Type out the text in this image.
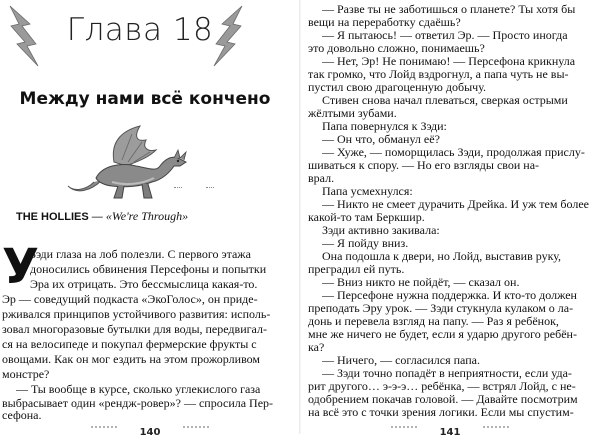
Глава 18
Между нами всё кончено
THE HOLLIES — «We're Through»
У
Зэди глаза на лоб полезли. С первого этажа
доносились обвинения Персефоны и попытки
Эра их отрицать. Это бессмыслица какая-то.
Эр — соведущий подкаста «ЭкоГолос», он приде-
рживался принципов устойчивого развития: исполь-
зовал многоразовые бутылки для воды, передвигал-
ся на велосипеде и покупал фермерские фрукты с
овощами. Как он мог ездить на этом прожорливом
монстре?
— Ты вообще в курсе, сколько углекислого газа
выбрасывает один «рендж-ровер»? — спросила Пер-
сефона.
140
— Разве ты не заботишься о планете? Ты хотя бы
вещи на переработку сдаёшь?
— Я пытаюсь! — ответил Эр. — Просто иногда
это довольно сложно, понимаешь?
— Нет, Эр! Не понимаю! — Персефона крикнула
так громко, что Лойд вздрогнул, а папа чуть не вы-
пустил свою драгоценную добычу.
Стивен снова начал плеваться, сверкая острыми
жёлтыми зубами.
Папа повернулся к Зэди:
— Он что, обманул её?
— Хуже, — поморщилась Зэди, продолжая прислу-
шиваться к спору. — Но его взгляды свои на-
врал.
Папа усмехнулся:
— Никто не смеет дурачить Дрейка. И уж тем более
какой-то там Беркшир.
Зэди активно закивала:
— Я пойду вниз.
Она подошла к двери, но Лойд, выставив руку,
преградил ей путь.
— Вниз никто не пойдёт, — сказал он.
— Персефоне нужна поддержка. И кто-то должен
преподать Эру урок. — Зэди стукнула кулаком о ла-
донь и перевела взгляд на папу. — Раз я ребёнок,
мне же ничего не будет, если я ударю другого ребён-
ка?
— Ничего, — согласился папа.
— Зэди точно попадёт в неприятности, если уда-
рит другого… э-э-э… ребёнка, — встрял Лойд, с не-
одобрением покачав головой. — Давайте посмотрим
на всё это с точки зрения логики. Если мы спустим-
141
